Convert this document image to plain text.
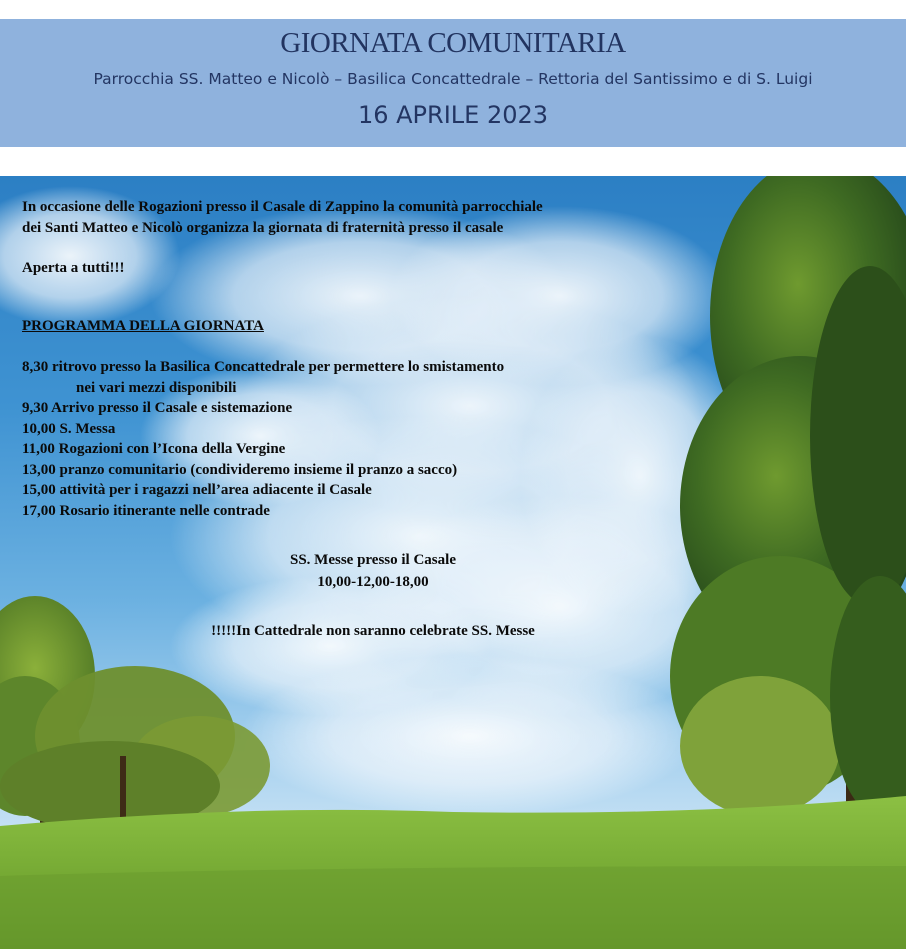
GIORNATA COMUNITARIA
Parrocchia SS. Matteo e Nicolò – Basilica Concattedrale – Rettoria del Santissimo e di S. Luigi
16 APRILE 2023

In occasione delle Rogazioni presso il Casale di Zappino la comunità parrocchiale

dei Santi Matteo e Nicolò organizza la giornata di fraternità presso il casale

Aperta a tutti!!!

PROGRAMMA DELLA GIORNATA

8,30 ritrovo presso la Basilica Concattedrale per permettere lo smistamento

nei vari mezzi disponibili

9,30 Arrivo presso il Casale e sistemazione

10,00 S. Messa

11,00 Rogazioni con l’Icona della Vergine

13,00 pranzo comunitario (condivideremo insieme il pranzo a sacco)

15,00 attività per i ragazzi nell’area adiacente il Casale

17,00 Rosario itinerante nelle contrade

SS. Messe presso il Casale
10,00-12,00-18,00
!!!!!In Cattedrale non saranno celebrate SS. Messe
